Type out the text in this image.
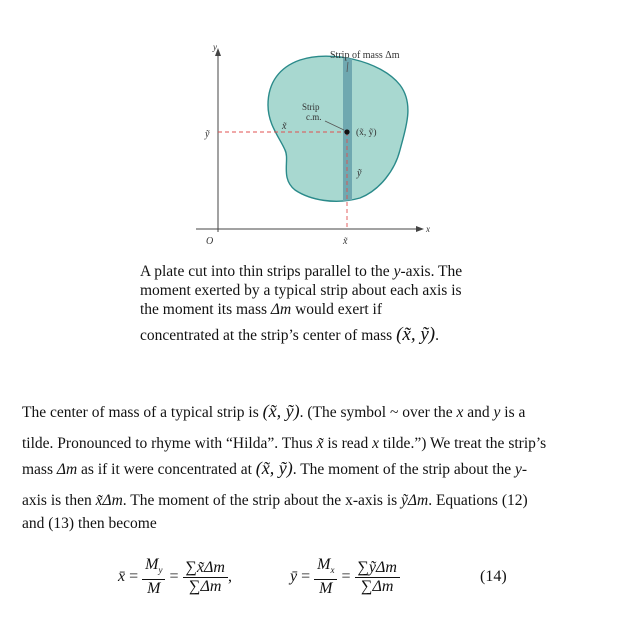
y
x
O
Strip of mass Δm
Strip
c.m.
x̃
(x̃, ỹ)
ỹ
ỹ
x̃

A plate cut into thin strips parallel to the y-axis. The

moment exerted by a typical strip about each axis is

the moment its mass Δm would exert if

concentrated at the strip’s center of mass (x̃, ỹ).

The center of mass of a typical strip is (x̃, ỹ). (The symbol ~ over the x and y is a

tilde. Pronounced to rhyme with “Hilda”. Thus x̃ is read x tilde.”) We treat the strip’s

mass Δm as if it were concentrated at (x̃, ỹ). The moment of the strip about the y-

axis is then x̃Δm. The moment of the strip about the x-axis is ỹΔm. Equations (12)

and (13) then become

x̄ = $\frac{M_y}{M} = \frac{\sum x̃\Delta m}{\sum\Delta m}$ ,	ȳ = $\frac{M_x}{M} = \frac{\text{∑ỹΔm}}{\sum\Delta m}$	(14)
